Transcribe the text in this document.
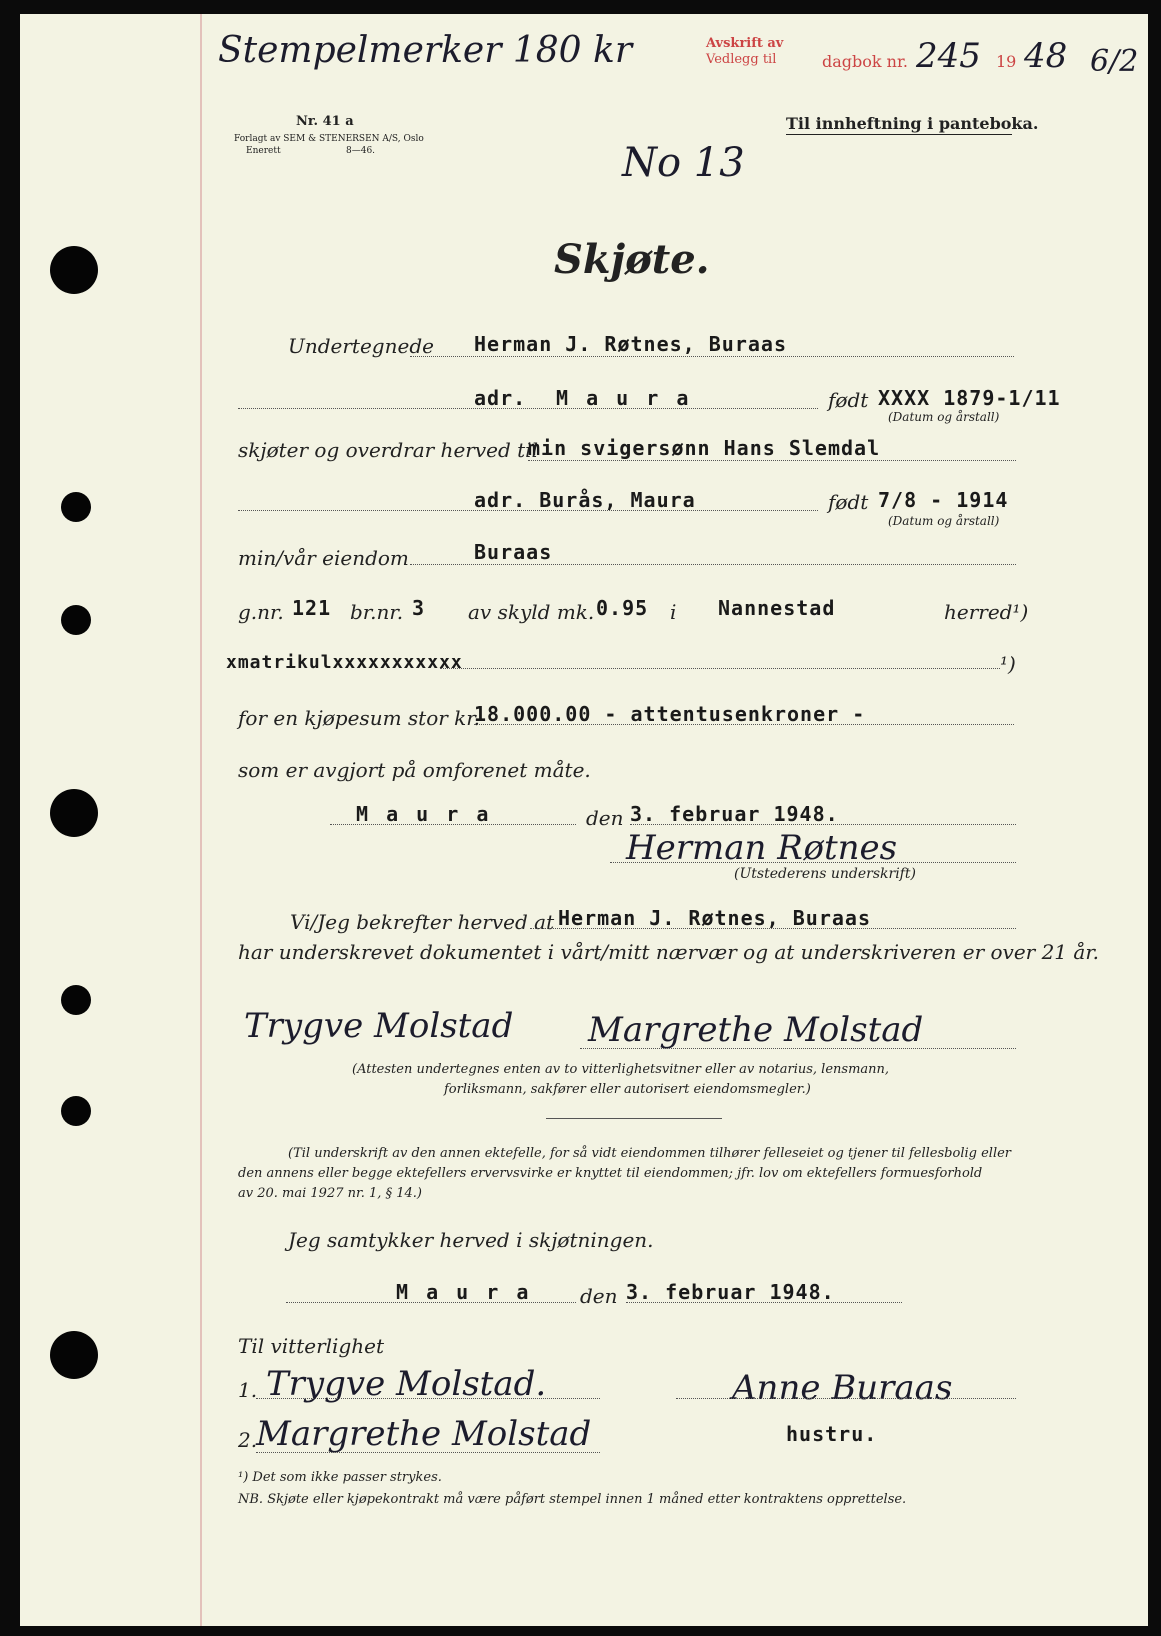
Stempelmerker 180 kr	Avskrift av
Vedlegg til	dagbok nr. 245 19 48 6/2
Nr. 41 a
Forlagt av SEM & STENERSEN A/S, Oslo
Enerett	8—46.
Til innheftning i panteboka.
No 13
Skjøte.
Undertegnede Herman J. Røtnes, Buraas
adr. M a u r a	født XXXX 1879-1/11
(Datum og årstall)
skjøter og overdrar herved til
min svigersønn Hans Slemdal
adr. Burås, Maura	født 7/8 - 1914
(Datum og årstall)
min/vår eiendom	Buraas
g.nr. 121 br.nr. 3 av skyld mk. 0.95 i Nannestad	herred¹)
xmatrikulxxxxxxxxxxx	¹)
for en kjøpesum stor kr.
18.000.00 - attentusenkroner -
som er avgjort på omforenet måte.
M a u r a	den 3. februar 1948.
Herman Røtnes
(Utstederens underskrift)
Vi/Jeg bekrefter herved at Herman J. Røtnes, Buraas
har underskrevet dokumentet i vårt/mitt nærvær og at underskriveren er over 21 år.
Trygve Molstad Margrethe Molstad
(Attesten undertegnes enten av to vitterlighetsvitner eller av notarius, lensmann,
forliksmann, sakfører eller autorisert eiendomsmegler.)
(Til underskrift av den annen ektefelle, for så vidt eiendommen tilhører felleseiet og tjener til fellesbolig eller
den annens eller begge ektefellers ervervsvirke er knyttet til eiendommen; jfr. lov om ektefellers formuesforhold
av 20. mai 1927 nr. 1, § 14.)
Jeg samtykker herved i skjøtningen.
M a u r a den 3. februar 1948.
Til vitterlighet
1. Trygve Molstad.	Anne Buraas
2.
Margrethe Molstad	hustru.
¹) Det som ikke passer strykes.
NB. Skjøte eller kjøpekontrakt må være påført stempel innen 1 måned etter kontraktens opprettelse.
